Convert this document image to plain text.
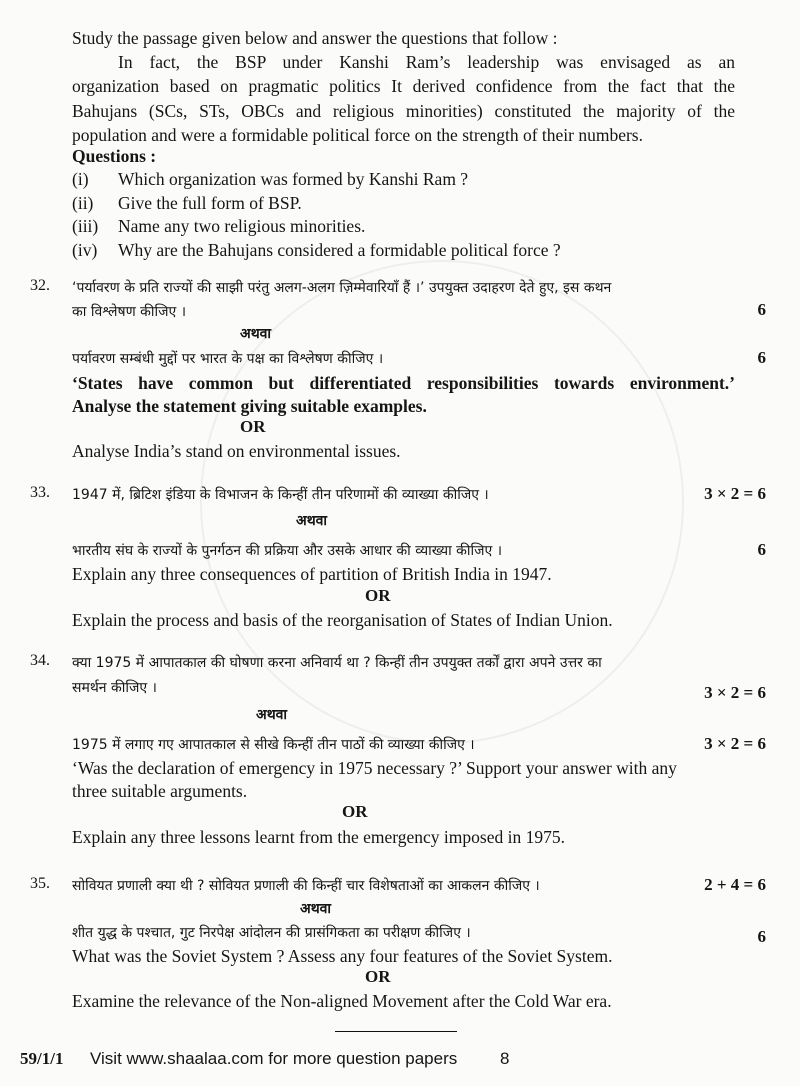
Study the passage given below and answer the questions that follow :
In fact, the BSP under Kanshi Ram’s leadership was envisaged as an
organization based on pragmatic politics It derived confidence from the fact that the
Bahujans (SCs, STs, OBCs and religious minorities) constituted the majority of the
population and were a formidable political force on the strength of their numbers.
Questions :
(i) Which organization was formed by Kanshi Ram ?
(ii) Give the full form of BSP.
(iii) Name any two religious minorities.
(iv) Why are the Bahujans considered a formidable political force ?
32. ‘पर्यावरण के प्रति राज्यों की साझी परंतु अलग-अलग ज़िम्मेवारियाँ हैं ।’ उपयुक्त उदाहरण देते हुए, इस कथन
का विश्लेषण कीजिए ।	6
अथवा
पर्यावरण सम्बंधी मुद्दों पर भारत के पक्ष का विश्लेषण कीजिए ।	6
‘States have common but differentiated responsibilities towards environment.’
Analyse the statement giving suitable examples.
OR
Analyse India’s stand on environmental issues.
33. 1947 में, ब्रिटिश इंडिया के विभाजन के किन्हीं तीन परिणामों की व्याख्या कीजिए ।	3 × 2 = 6
अथवा
भारतीय संघ के राज्यों के पुनर्गठन की प्रक्रिया और उसके आधार की व्याख्या कीजिए ।	6
Explain any three consequences of partition of British India in 1947.
OR
Explain the process and basis of the reorganisation of States of Indian Union.
34. क्या 1975 में आपातकाल की घोषणा करना अनिवार्य था ? किन्हीं तीन उपयुक्त तर्कों द्वारा अपने उत्तर का
समर्थन कीजिए ।	3 × 2 = 6
अथवा
1975 में लगाए गए आपातकाल से सीखे किन्हीं तीन पाठों की व्याख्या कीजिए ।	3 × 2 = 6
‘Was the declaration of emergency in 1975 necessary ?’ Support your answer with any
three suitable arguments.
OR
Explain any three lessons learnt from the emergency imposed in 1975.
35. सोवियत प्रणाली क्या थी ? सोवियत प्रणाली की किन्हीं चार विशेषताओं का आकलन कीजिए ।	2 + 4 = 6
अथवा
शीत युद्ध के पश्चात, गुट निरपेक्ष आंदोलन की प्रासंगिकता का परीक्षण कीजिए ।	6
What was the Soviet System ? Assess any four features of the Soviet System.
OR
Examine the relevance of the Non-aligned Movement after the Cold War era.
59/1/1 Visit www.shaalaa.com for more question papers	8
